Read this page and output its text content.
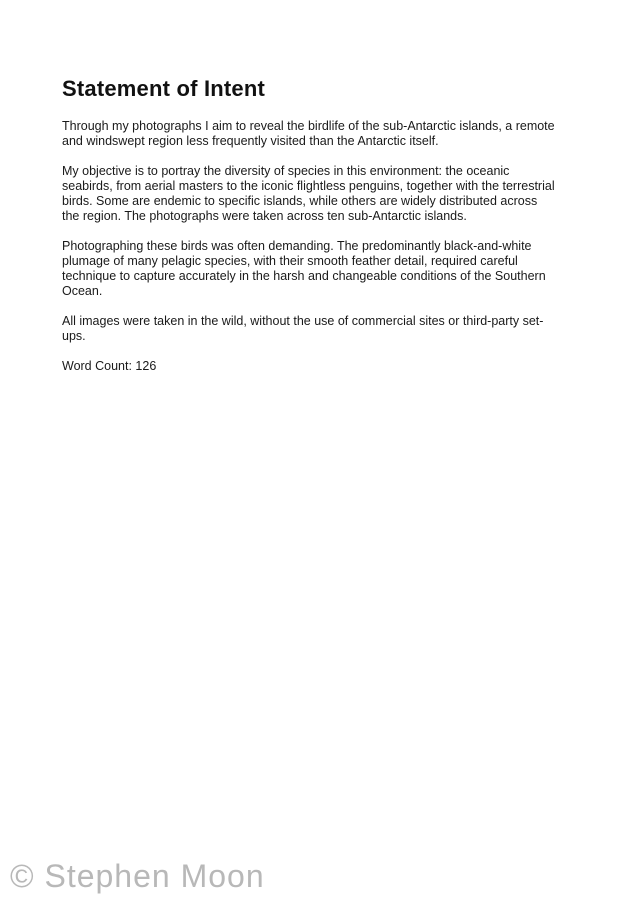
Statement of Intent

Through my photographs I aim to reveal the birdlife of the sub-Antarctic islands, a remote
and windswept region less frequently visited than the Antarctic itself.

My objective is to portray the diversity of species in this environment: the oceanic
seabirds, from aerial masters to the iconic flightless penguins, together with the terrestrial
birds. Some are endemic to specific islands, while others are widely distributed across
the region. The photographs were taken across ten sub-Antarctic islands.

Photographing these birds was often demanding. The predominantly black-and-white
plumage of many pelagic species, with their smooth feather detail, required careful
technique to capture accurately in the harsh and changeable conditions of the Southern
Ocean.

All images were taken in the wild, without the use of commercial sites or third-party set-
ups.

Word Count: 126

© Stephen Moon
